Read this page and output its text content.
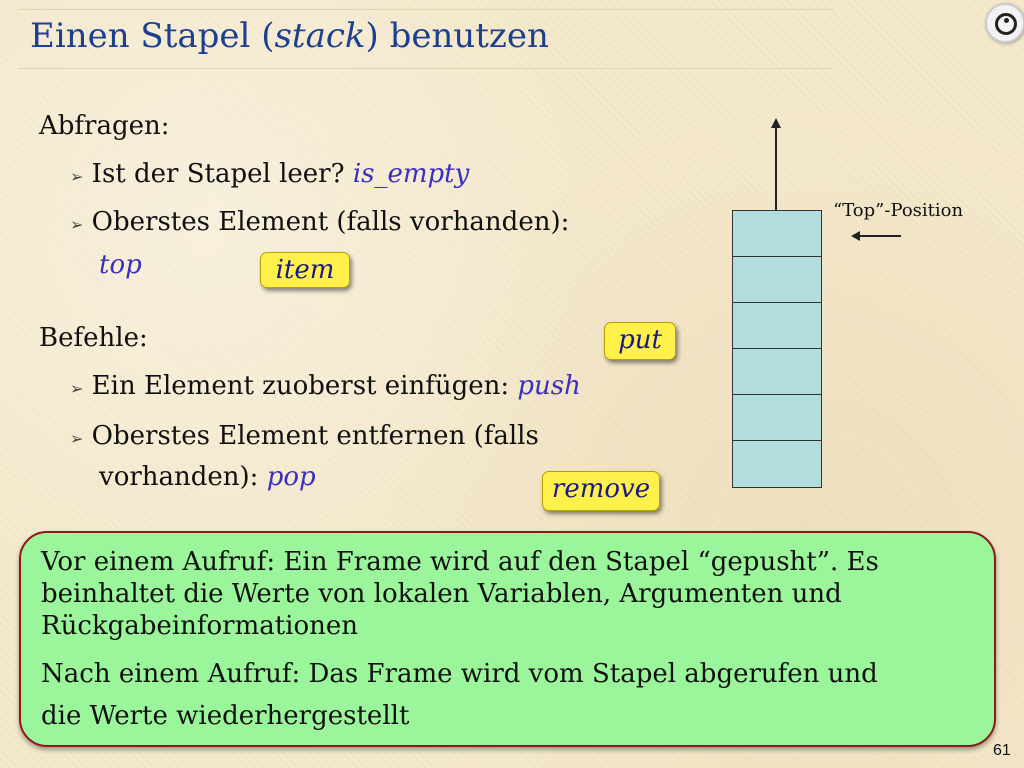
Einen Stapel (stack) benutzen
Abfragen:
➢ Ist der Stapel leer? is_empty
➢ Oberstes Element (falls vorhanden):
top	item
Befehle:	put
➢ Ein Element zuoberst einfügen: push
➢ Oberstes Element entfernen (falls
vorhanden): pop	remove
“Top”-Position
Vor einem Aufruf: Ein Frame wird auf den Stapel “gepusht”. Es
beinhaltet die Werte von lokalen Variablen, Argumenten und
Rückgabeinformationen
Nach einem Aufruf: Das Frame wird vom Stapel abgerufen und
die Werte wiederhergestellt
61
